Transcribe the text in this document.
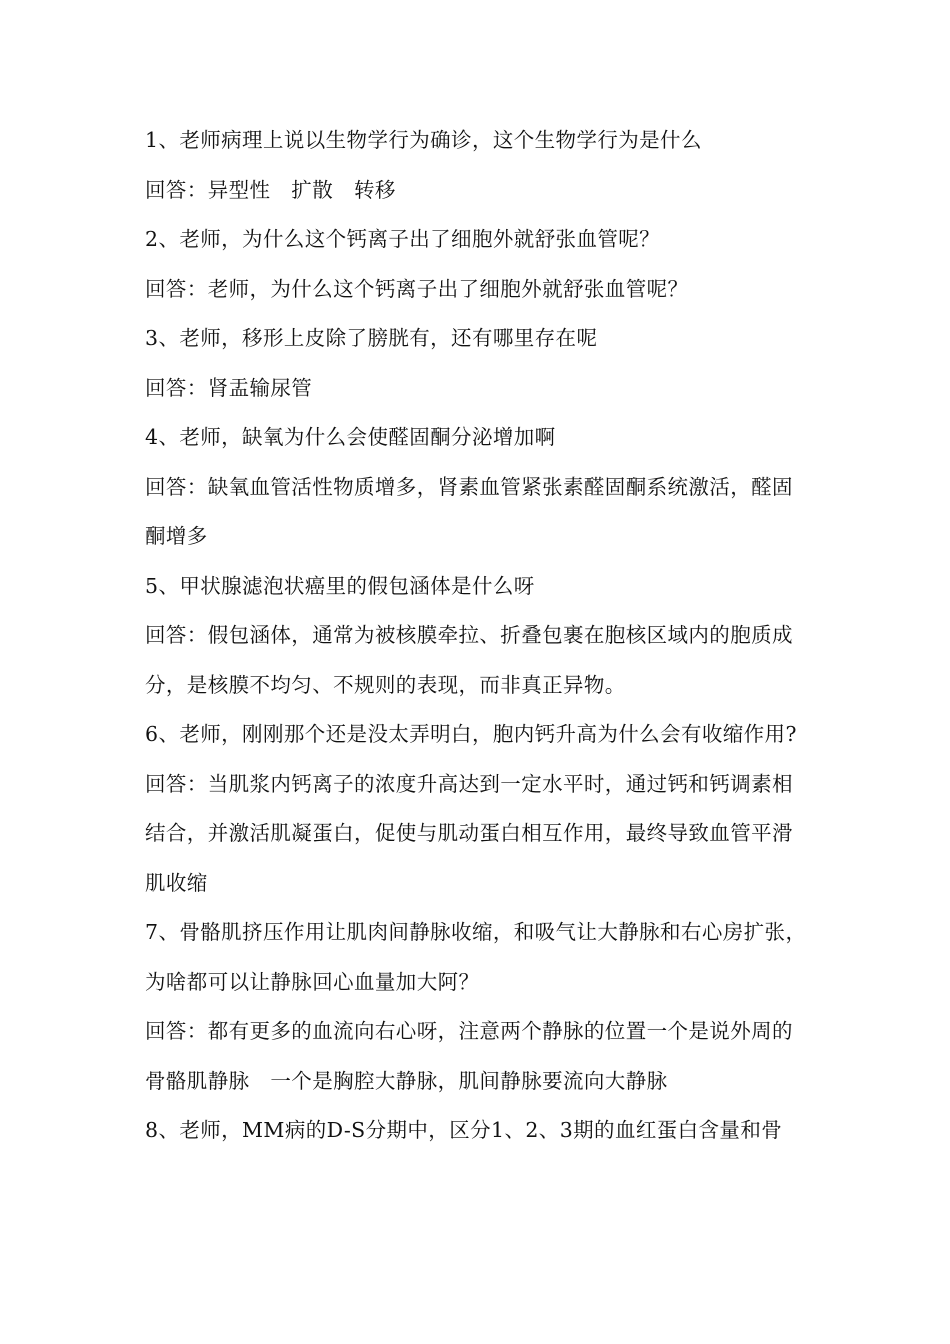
1、老师病理上说以生物学行为确诊，这个生物学行为是什么

回答：异型性　扩散　转移

2、老师，为什么这个钙离子出了细胞外就舒张血管呢？

回答：老师，为什么这个钙离子出了细胞外就舒张血管呢？

3、老师，移形上皮除了膀胱有，还有哪里存在呢

回答：肾盂输尿管

4、老师，缺氧为什么会使醛固酮分泌增加啊

回答：缺氧血管活性物质增多，肾素血管紧张素醛固酮系统激活，醛固酮增多

5、甲状腺滤泡状癌里的假包涵体是什么呀

回答：假包涵体，通常为被核膜牵拉、折叠包裹在胞核区域内的胞质成分，是核膜不均匀、不规则的表现，而非真正异物。

6、老师，刚刚那个还是没太弄明白，胞内钙升高为什么会有收缩作用?

回答：当肌浆内钙离子的浓度升高达到一定水平时，通过钙和钙调素相结合，并激活肌凝蛋白，促使与肌动蛋白相互作用，最终导致血管平滑肌收缩

7、骨骼肌挤压作用让肌肉间静脉收缩，和吸气让大静脉和右心房扩张，为啥都可以让静脉回心血量加大阿？

回答：都有更多的血流向右心呀，注意两个静脉的位置一个是说外周的骨骼肌静脉　一个是胸腔大静脉，肌间静脉要流向大静脉

8、老师，MM病的D-S分期中，区分1、2、3期的血红蛋白含量和骨
